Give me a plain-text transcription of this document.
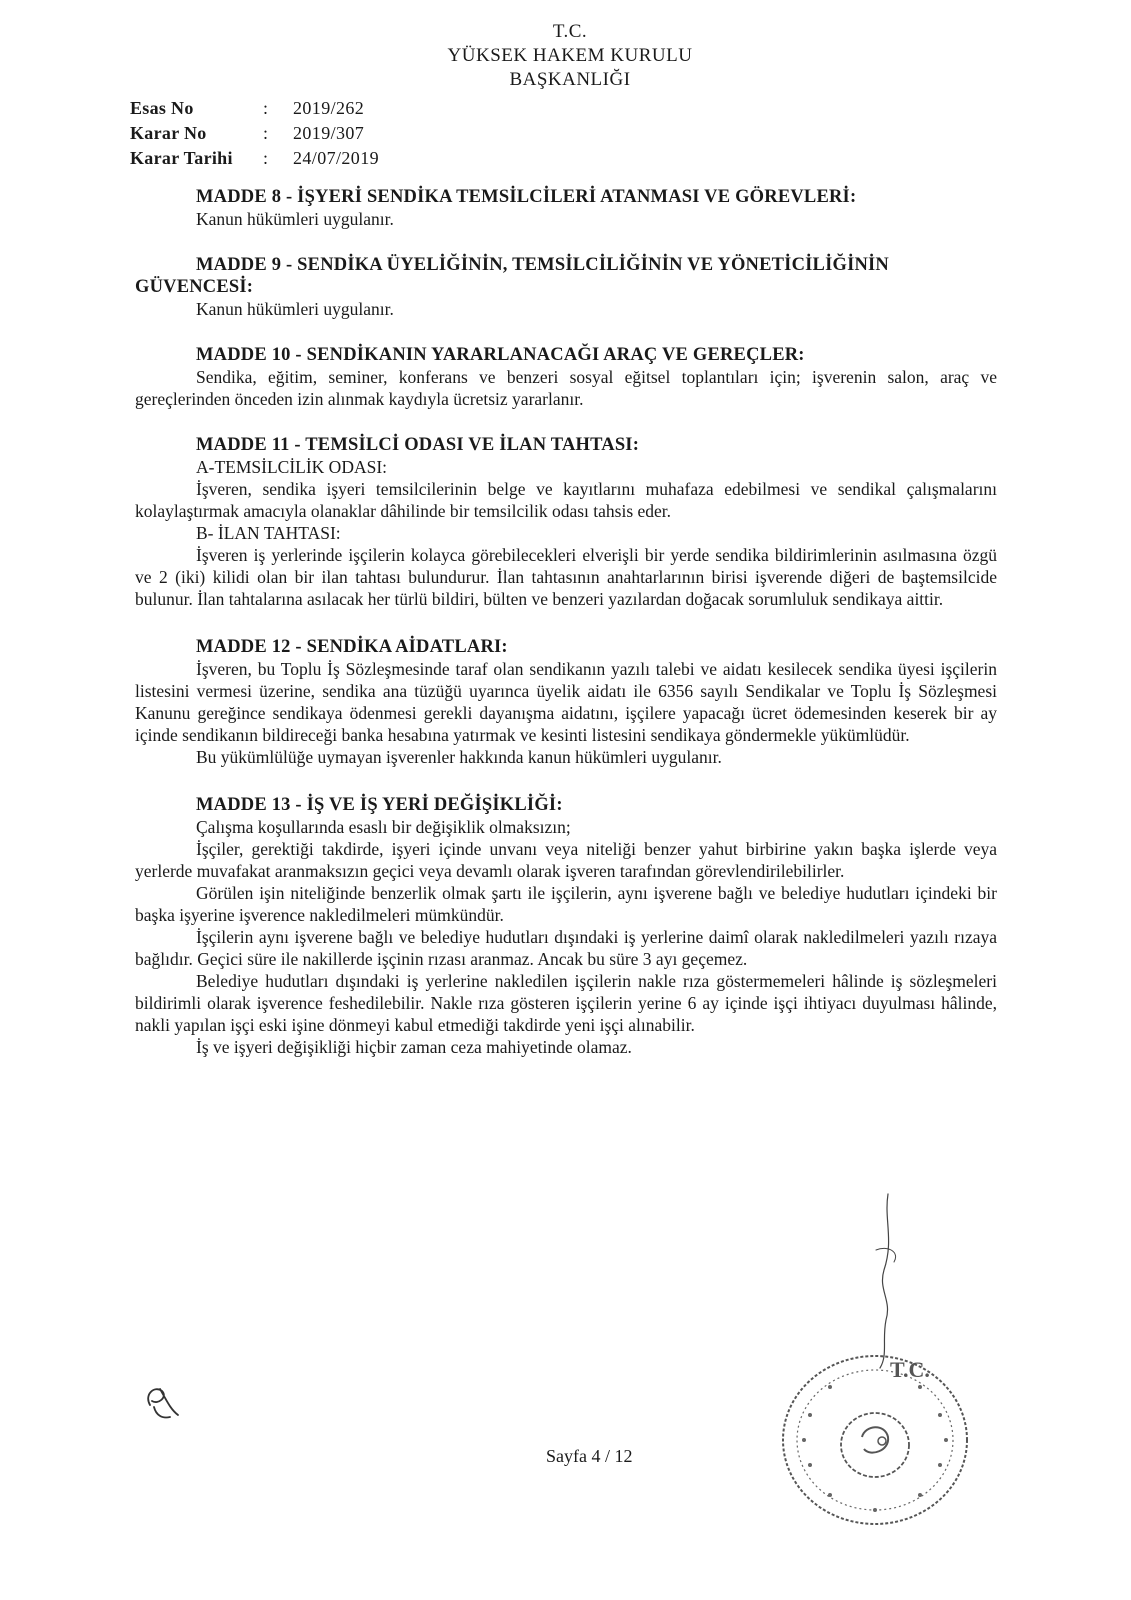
T.C.
YÜKSEK HAKEM KURULU
BAŞKANLIĞI
Esas No	:	2019/262
Karar No	:	2019/307
Karar Tarihi	:	24/07/2019

MADDE 8 - İŞYERİ SENDİKA TEMSİLCİLERİ ATANMASI VE GÖREVLERİ:

Kanun hükümleri uygulanır.

MADDE 9 - SENDİKA ÜYELİĞİNİN, TEMSİLCİLİĞİNİN VE YÖNETİCİLİĞİNİN GÜVENCESİ:

Kanun hükümleri uygulanır.

MADDE 10 - SENDİKANIN YARARLANACAĞI ARAÇ VE GEREÇLER:

Sendika, eğitim, seminer, konferans ve benzeri sosyal eğitsel toplantıları için; işverenin salon, araç ve gereçlerinden önceden izin alınmak kaydıyla ücretsiz yararlanır.

MADDE 11 - TEMSİLCİ ODASI VE İLAN TAHTASI:

A-TEMSİLCİLİK ODASI:

İşveren, sendika işyeri temsilcilerinin belge ve kayıtlarını muhafaza edebilmesi ve sendikal çalışmalarını kolaylaştırmak amacıyla olanaklar dâhilinde bir temsilcilik odası tahsis eder.

B- İLAN TAHTASI:

İşveren iş yerlerinde işçilerin kolayca görebilecekleri elverişli bir yerde sendika bildirimlerinin asılmasına özgü ve 2 (iki) kilidi olan bir ilan tahtası bulundurur. İlan tahtasının anahtarlarının birisi işverende diğeri de baştemsilcide bulunur. İlan tahtalarına asılacak her türlü bildiri, bülten ve benzeri yazılardan doğacak sorumluluk sendikaya aittir.

MADDE 12 - SENDİKA AİDATLARI:

İşveren, bu Toplu İş Sözleşmesinde taraf olan sendikanın yazılı talebi ve aidatı kesilecek sendika üyesi işçilerin listesini vermesi üzerine, sendika ana tüzüğü uyarınca üyelik aidatı ile 6356 sayılı Sendikalar ve Toplu İş Sözleşmesi Kanunu gereğince sendikaya ödenmesi gerekli dayanışma aidatını, işçilere yapacağı ücret ödemesinden keserek bir ay içinde sendikanın bildireceği banka hesabına yatırmak ve kesinti listesini sendikaya göndermekle yükümlüdür.

Bu yükümlülüğe uymayan işverenler hakkında kanun hükümleri uygulanır.

MADDE 13 - İŞ VE İŞ YERİ DEĞİŞİKLİĞİ:

Çalışma koşullarında esaslı bir değişiklik olmaksızın;

İşçiler, gerektiği takdirde, işyeri içinde unvanı veya niteliği benzer yahut birbirine yakın başka işlerde veya yerlerde muvafakat aranmaksızın geçici veya devamlı olarak işveren tarafından görevlendirilebilirler.

Görülen işin niteliğinde benzerlik olmak şartı ile işçilerin, aynı işverene bağlı ve belediye hudutları içindeki bir başka işyerine işverence nakledilmeleri mümkündür.

İşçilerin aynı işverene bağlı ve belediye hudutları dışındaki iş yerlerine daimî olarak nakledilmeleri yazılı rızaya bağlıdır. Geçici süre ile nakillerde işçinin rızası aranmaz. Ancak bu süre 3 ayı geçemez.

Belediye hudutları dışındaki iş yerlerine nakledilen işçilerin nakle rıza göstermemeleri hâlinde iş sözleşmeleri bildirimli olarak işverence feshedilebilir. Nakle rıza gösteren işçilerin yerine 6 ay içinde işçi ihtiyacı duyulması hâlinde, nakli yapılan işçi eski işine dönmeyi kabul etmediği takdirde yeni işçi alınabilir.

İş ve işyeri değişikliği hiçbir zaman ceza mahiyetinde olamaz.

T.C.
Sayfa 4 / 12
